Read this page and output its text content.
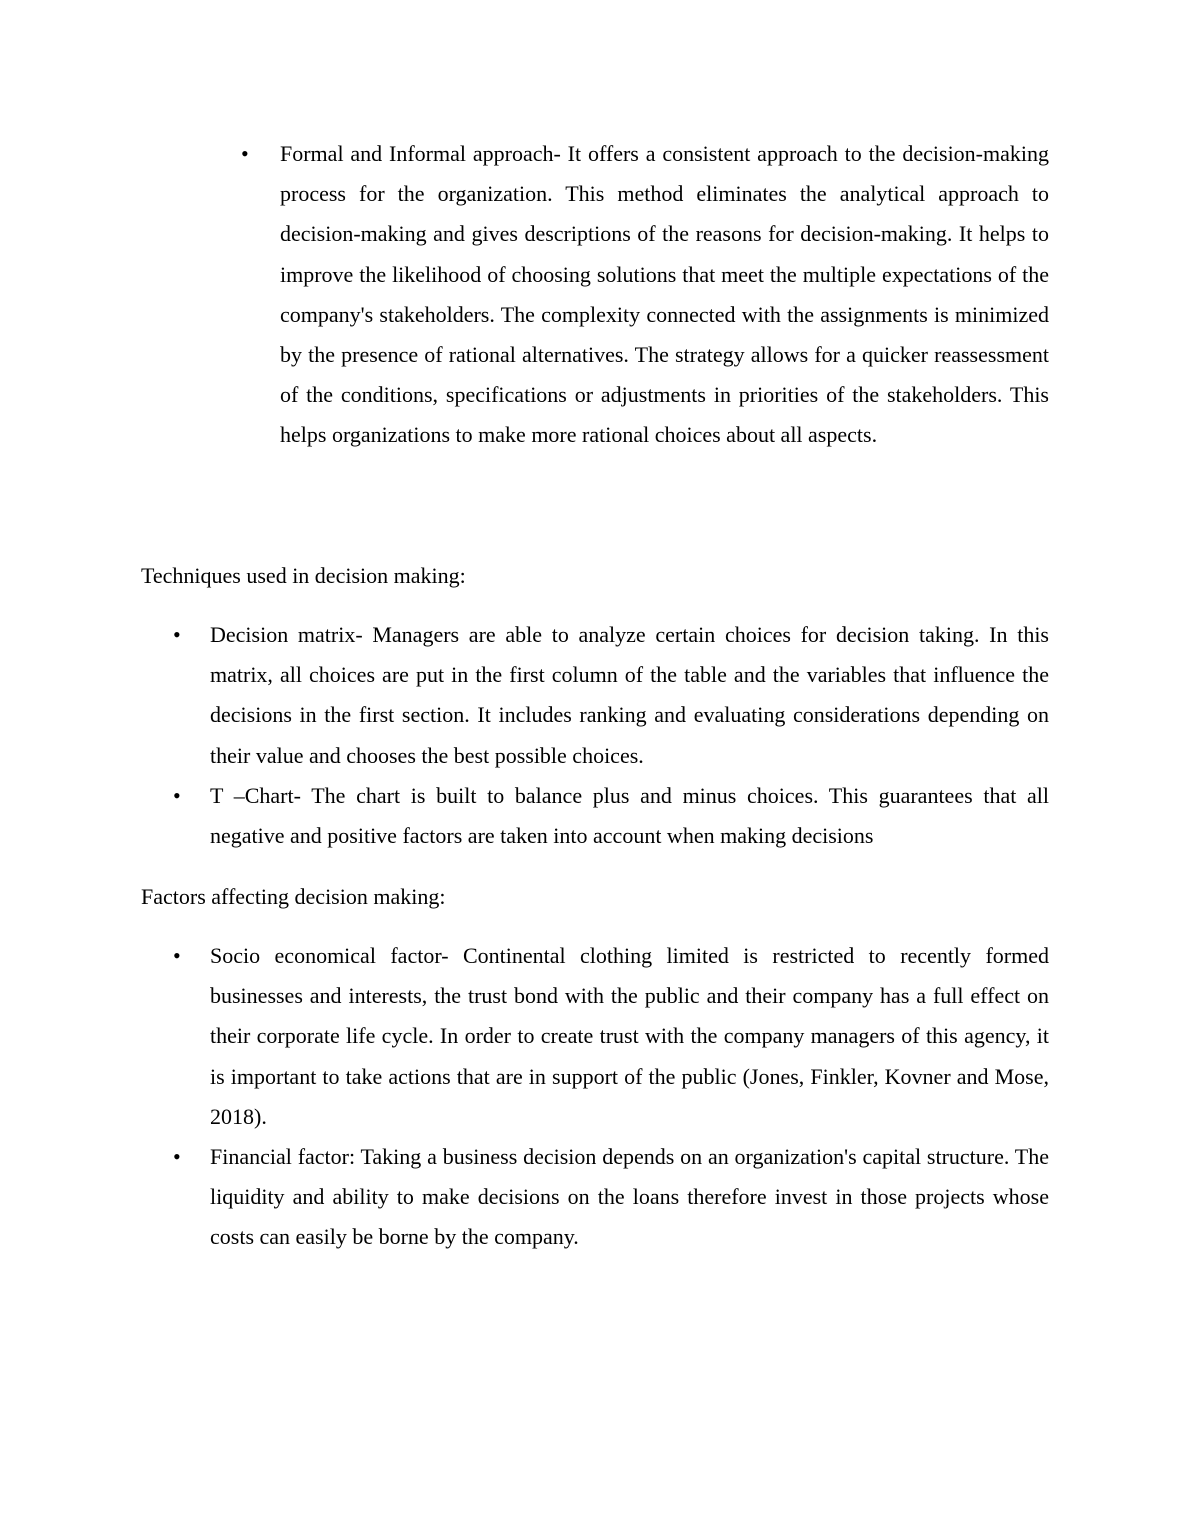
• Formal and Informal approach- It offers a consistent approach to the decision-making process for the organization. This method eliminates the analytical approach to decision-making and gives descriptions of the reasons for decision-making. It helps to improve the likelihood of choosing solutions that meet the multiple expectations of the company's stakeholders. The complexity connected with the assignments is minimized by the presence of rational alternatives. The strategy allows for a quicker reassessment of the conditions, specifications or adjustments in priorities of the stakeholders. This helps organizations to make more rational choices about all aspects.
Techniques used in decision making:
• Decision matrix- Managers are able to analyze certain choices for decision taking. In this matrix, all choices are put in the first column of the table and the variables that influence the decisions in the first section. It includes ranking and evaluating considerations depending on their value and chooses the best possible choices.
• T –Chart- The chart is built to balance plus and minus choices. This guarantees that all negative and positive factors are taken into account when making decisions
Factors affecting decision making:
• Socio economical factor- Continental clothing limited is restricted to recently formed businesses and interests, the trust bond with the public and their company has a full effect on their corporate life cycle. In order to create trust with the company managers of this agency, it is important to take actions that are in support of the public (Jones, Finkler, Kovner and Mose, 2018).
• Financial factor: Taking a business decision depends on an organization's capital structure. The liquidity and ability to make decisions on the loans therefore invest in those projects whose costs can easily be borne by the company.
